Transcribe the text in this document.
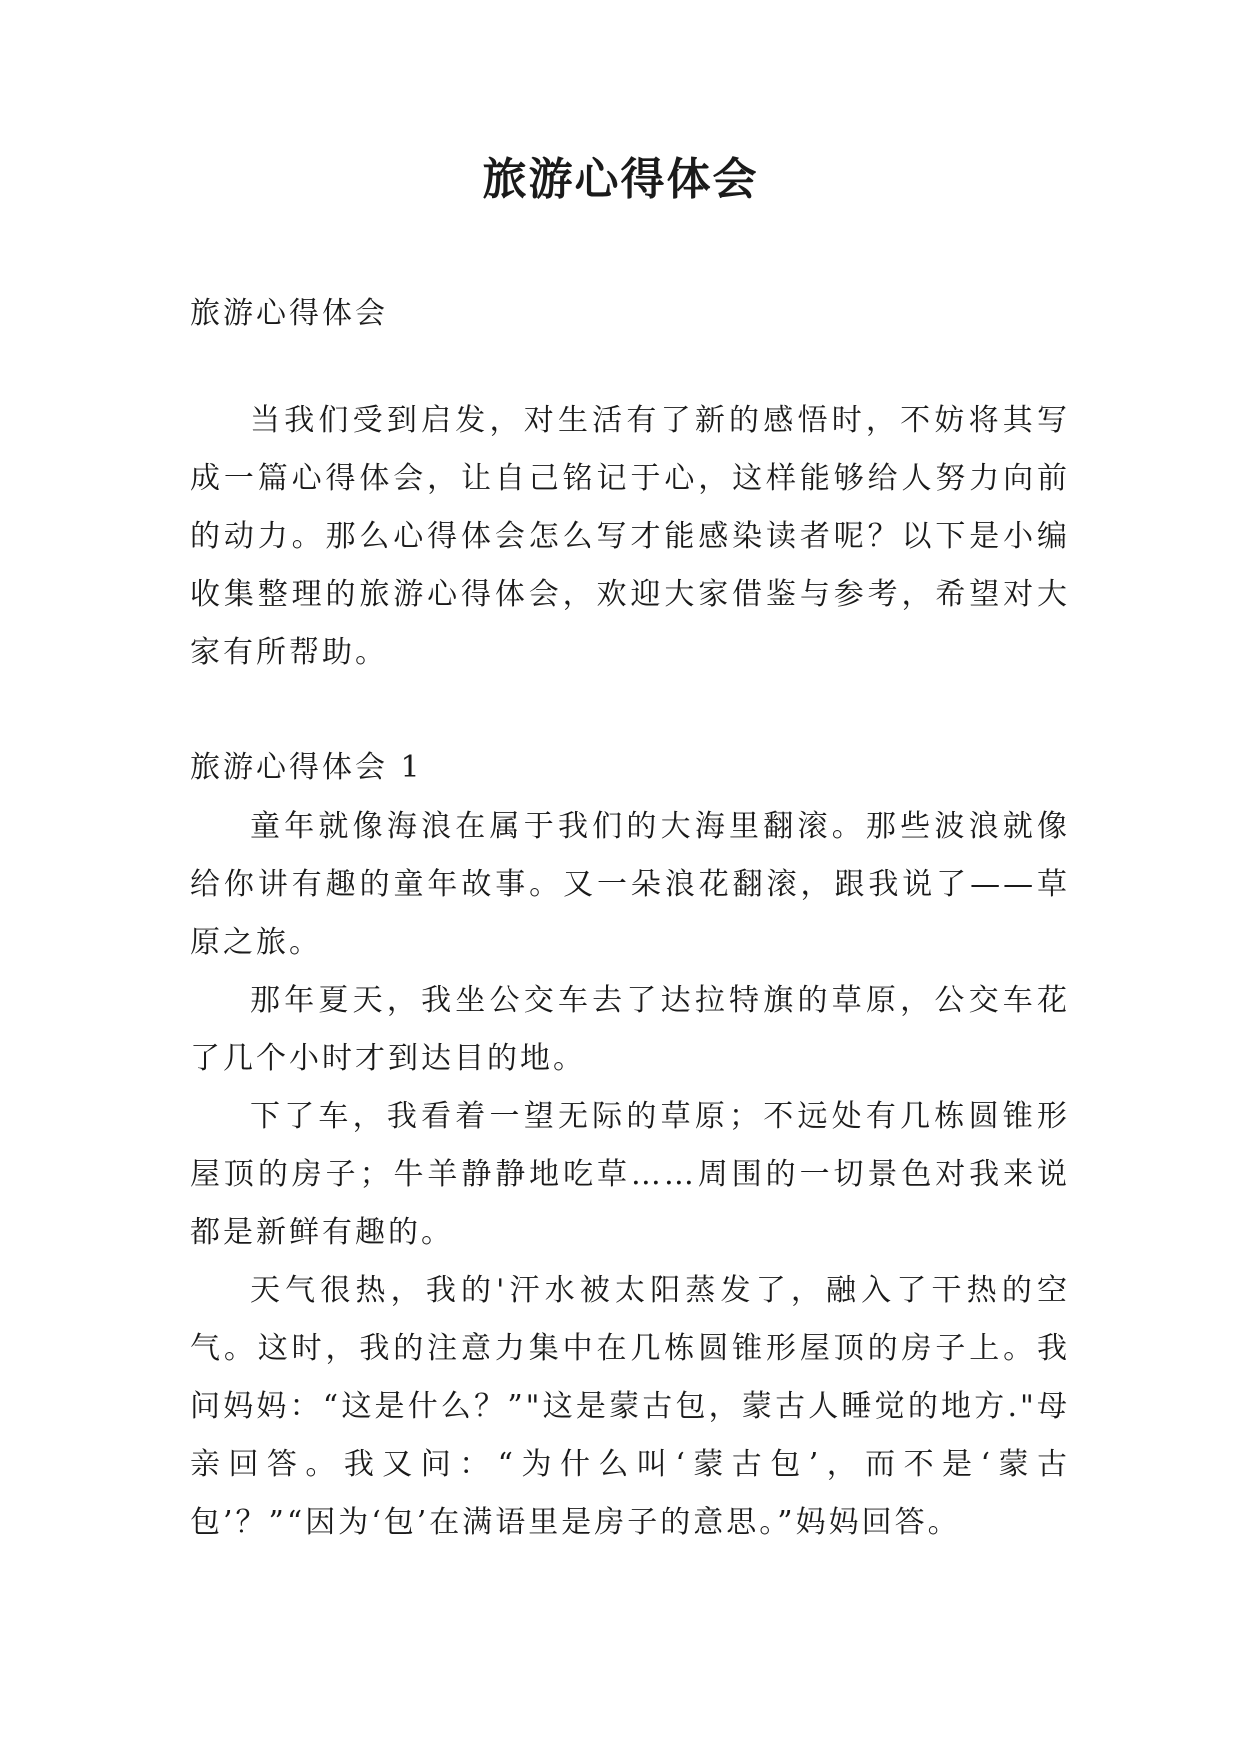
旅游心得体会

旅游心得体会

当我们受到启发，对生活有了新的感悟时，不妨将其写成一篇心得体会，让自己铭记于心，这样能够给人努力向前的动力。那么心得体会怎么写才能感染读者呢？以下是小编收集整理的旅游心得体会，欢迎大家借鉴与参考，希望对大家有所帮助。

旅游心得体会 1

童年就像海浪在属于我们的大海里翻滚。那些波浪就像给你讲有趣的童年故事。又一朵浪花翻滚，跟我说了——草原之旅。

那年夏天，我坐公交车去了达拉特旗的草原，公交车花了几个小时才到达目的地。

下了车，我看着一望无际的草原；不远处有几栋圆锥形屋顶的房子；牛羊静静地吃草……周围的一切景色对我来说都是新鲜有趣的。

天气很热，我的'汗水被太阳蒸发了，融入了干热的空气。这时，我的注意力集中在几栋圆锥形屋顶的房子上。我问妈妈：“这是什么？”"这是蒙古包，蒙古人睡觉的地方."母亲回答。我又问：“为什么叫‘蒙古包’，而不是‘蒙古包’？”“因为‘包’在满语里是房子的意思。”妈妈回答。
